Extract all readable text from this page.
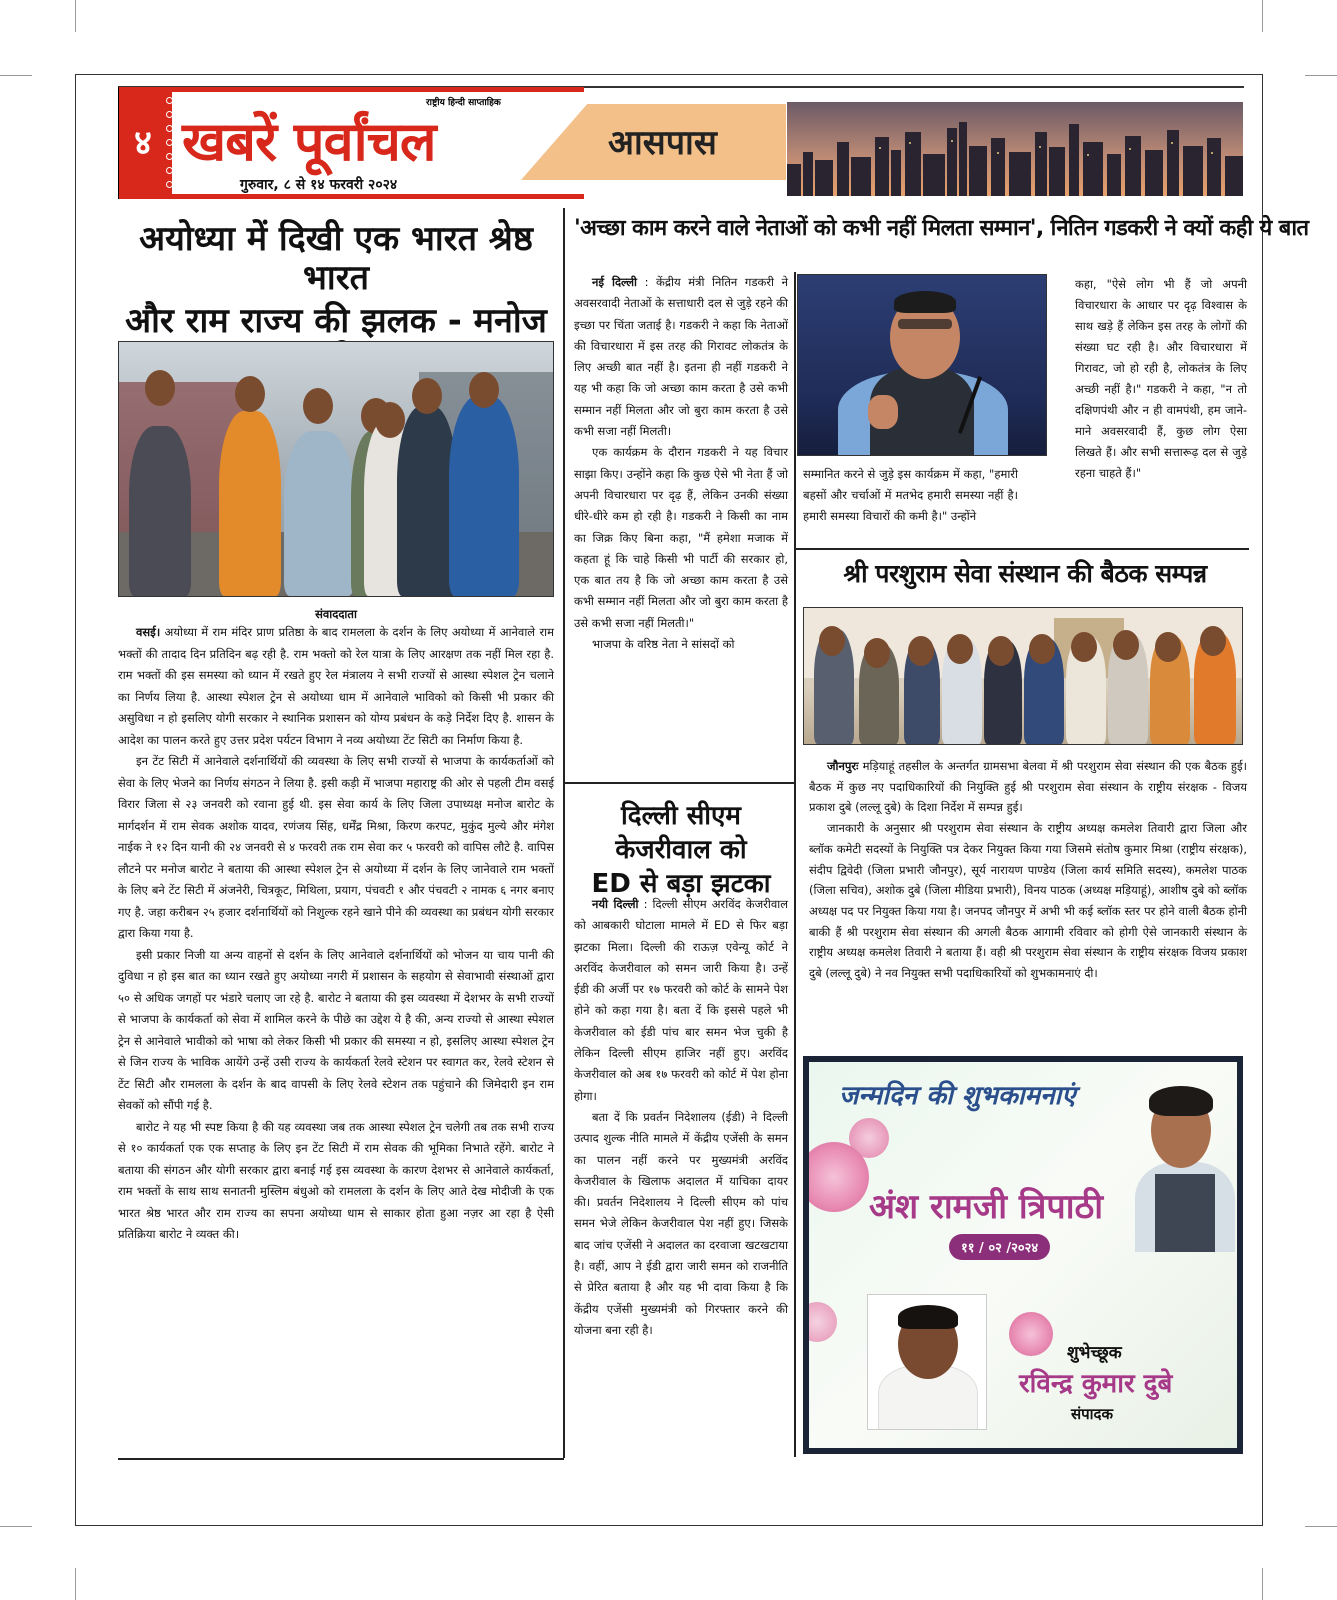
४ खबरें पूर्वांचल
राष्ट्रीय हिन्दी साप्ताहिक
गुरुवार, ८ से १४ फरवरी २०२४
आसपास
अयोध्या में दिखी एक भारत श्रेष्ठ भारत
और राम राज्य की झलक - मनोज
संवाददाता

वसई। अयोध्या में राम मंदिर प्राण प्रतिष्ठा के बाद रामलला के दर्शन के लिए अयोध्या में आनेवाले राम भक्तों की तादाद दिन प्रतिदिन बढ़ रही है. राम भक्तो को रेल यात्रा के लिए आरक्षण तक नहीं मिल रहा है. राम भक्तों की इस समस्या को ध्यान में रखते हुए रेल मंत्रालय ने सभी राज्यों से आस्था स्पेशल ट्रेन चलाने का निर्णय लिया है. आस्था स्पेशल ट्रेन से अयोध्या धाम में आनेवाले भाविको को किसी भी प्रकार की असुविधा न हो इसलिए योगी सरकार ने स्थानिक प्रशासन को योग्य प्रबंधन के कड़े निर्देश दिए है. शासन के आदेश का पालन करते हुए उत्तर प्रदेश पर्यटन विभाग ने नव्य अयोध्या टेंट सिटी का निर्माण किया है.

इन टेंट सिटी में आनेवाले दर्शनार्थियों की व्यवस्था के लिए सभी राज्यों से भाजपा के कार्यकर्ताओं को सेवा के लिए भेजने का निर्णय संगठन ने लिया है. इसी कड़ी में भाजपा महाराष्ट्र की ओर से पहली टीम वसई विरार जिला से २३ जनवरी को रवाना हुई थी. इस सेवा कार्य के लिए जिला उपाध्यक्ष मनोज बारोट के मार्गदर्शन में राम सेवक अशोक यादव, रणंजय सिंह, धर्मेंद्र मिश्रा, किरण करपट, मुकुंद मुल्ये और मंगेश नाईक ने १२ दिन यानी की २४ जनवरी से ४ फरवरी तक राम सेवा कर ५ फरवरी को वापिस लौटे है. वापिस लौटने पर मनोज बारोट ने बताया की आस्था स्पेशल ट्रेन से अयोध्या में दर्शन के लिए जानेवाले राम भक्तों के लिए बने टेंट सिटी में अंजनेरी, चित्रकूट, मिथिला, प्रयाग, पंचवटी १ और पंचवटी २ नामक ६ नगर बनाए गए है. जहा करीबन २५ हजार दर्शनार्थियों को निशुल्क रहने खाने पीने की व्यवस्था का प्रबंधन योगी सरकार द्वारा किया गया है.

इसी प्रकार निजी या अन्य वाहनों से दर्शन के लिए आनेवाले दर्शनार्थियों को भोजन या चाय पानी की दुविधा न हो इस बात का ध्यान रखते हुए अयोध्या नगरी में प्रशासन के सहयोग से सेवाभावी संस्थाओं द्वारा ५० से अधिक जगहों पर भंडारे चलाए जा रहे है. बारोट ने बताया की इस व्यवस्था में देशभर के सभी राज्यों से भाजपा के कार्यकर्ता को सेवा में शामिल करने के पीछे का उद्देश ये है की, अन्य राज्यो से आस्था स्पेशल ट्रेन से आनेवाले भावीको को भाषा को लेकर किसी भी प्रकार की समस्या न हो, इसलिए आस्था स्पेशल ट्रेन से जिन राज्य के भाविक आयेंगे उन्हें उसी राज्य के कार्यकर्ता रेलवे स्टेशन पर स्वागत कर, रेलवे स्टेशन से टेंट सिटी और रामलला के दर्शन के बाद वापसी के लिए रेलवे स्टेशन तक पहुंचाने की जिमेदारी इन राम सेवकों को सौंपी गई है.

बारोट ने यह भी स्पष्ट किया है की यह व्यवस्था जब तक आस्था स्पेशल ट्रेन चलेगी तब तक सभी राज्य से १० कार्यकर्ता एक एक सप्ताह के लिए इन टेंट सिटी में राम सेवक की भूमिका निभाते रहेंगे. बारोट ने बताया की संगठन और योगी सरकार द्वारा बनाई गई इस व्यवस्था के कारण देशभर से आनेवाले कार्यकर्ता, राम भक्तों के साथ साथ सनातनी मुस्लिम बंधुओ को रामलला के दर्शन के लिए आते देख मोदीजी के एक भारत श्रेष्ठ भारत और राम राज्य का सपना अयोध्या धाम से साकार होता हुआ नज़र आ रहा है ऐसी प्रतिक्रिया बारोट ने व्यक्त की।

'अच्छा काम करने वाले नेताओं को कभी नहीं मिलता सम्मान', नितिन गडकरी ने क्यों कही ये बात

नई दिल्ली : केंद्रीय मंत्री नितिन गडकरी ने अवसरवादी नेताओं के सत्ताधारी दल से जुड़े रहने की इच्छा पर चिंता जताई है। गडकरी ने कहा कि नेताओं की विचारधारा में इस तरह की गिरावट लोकतंत्र के लिए अच्छी बात नहीं है। इतना ही नहीं गडकरी ने यह भी कहा कि जो अच्छा काम करता है उसे कभी सम्मान नहीं मिलता और जो बुरा काम करता है उसे कभी सजा नहीं मिलती।

एक कार्यक्रम के दौरान गडकरी ने यह विचार साझा किए। उन्होंने कहा कि कुछ ऐसे भी नेता हैं जो अपनी विचारधारा पर दृढ़ हैं, लेकिन उनकी संख्या धीरे-धीरे कम हो रही है। गडकरी ने किसी का नाम का जिक्र किए बिना कहा, "मैं हमेशा मजाक में कहता हूं कि चाहे किसी भी पार्टी की सरकार हो, एक बात तय है कि जो अच्छा काम करता है उसे कभी सम्मान नहीं मिलता और जो बुरा काम करता है उसे कभी सजा नहीं मिलती।"

भाजपा के वरिष्ठ नेता ने सांसदों को

सम्मानित करने से जुड़े इस कार्यक्रम में कहा, "हमारी बहसों और चर्चाओं में मतभेद हमारी समस्या नहीं है। हमारी समस्या विचारों की कमी है।" उन्होंने

कहा, "ऐसे लोग भी हैं जो अपनी विचारधारा के आधार पर दृढ़ विश्वास के साथ खड़े हैं लेकिन इस तरह के लोगों की संख्या घट रही है। और विचारधारा में गिरावट, जो हो रही है, लोकतंत्र के लिए अच्छी नहीं है।" गडकरी ने कहा, "न तो दक्षिणपंथी और न ही वामपंथी, हम जाने-माने अवसरवादी हैं, कुछ लोग ऐसा लिखते हैं। और सभी सत्तारूढ़ दल से जुड़े रहना चाहते हैं।"

दिल्ली सीएम केजरीवाल को
ED से बड़ा झटका

नयी दिल्ली : दिल्ली सीएम अरविंद केजरीवाल को आबकारी घोटाला मामले में ED से फिर बड़ा झटका मिला। दिल्ली की राऊज़ एवेन्यू कोर्ट ने अरविंद केजरीवाल को समन जारी किया है। उन्हें ईडी की अर्जी पर १७ फरवरी को कोर्ट के सामने पेश होने को कहा गया है। बता दें कि इससे पहले भी केजरीवाल को ईडी पांच बार समन भेज चुकी है लेकिन दिल्ली सीएम हाजिर नहीं हुए। अरविंद केजरीवाल को अब १७ फरवरी को कोर्ट में पेश होना होगा।

बता दें कि प्रवर्तन निदेशालय (ईडी) ने दिल्ली उत्पाद शुल्क नीति मामले में केंद्रीय एजेंसी के समन का पालन नहीं करने पर मुख्यमंत्री अरविंद केजरीवाल के खिलाफ अदालत में याचिका दायर की। प्रवर्तन निदेशालय ने दिल्ली सीएम को पांच समन भेजे लेकिन केजरीवाल पेश नहीं हुए। जिसके बाद जांच एजेंसी ने अदालत का दरवाजा खटखटाया है। वहीं, आप ने ईडी द्वारा जारी समन को राजनीति से प्रेरित बताया है और यह भी दावा किया है कि केंद्रीय एजेंसी मुख्यमंत्री को गिरफ्तार करने की योजना बना रही है।

श्री परशुराम सेवा संस्थान की बैठक सम्पन्न

जौनपुरः मड़ियाहूं तहसील के अन्तर्गत ग्रामसभा बेलवा में श्री परशुराम सेवा संस्थान की एक बैठक हुई। बैठक में कुछ नए पदाधिकारियों की नियुक्ति हुई श्री परशुराम सेवा संस्थान के राष्ट्रीय संरक्षक - विजय प्रकाश दुबे (लल्लू दुबे) के दिशा निर्देश में सम्पन्न हुई।

जानकारी के अनुसार श्री परशुराम सेवा संस्थान के राष्ट्रीय अध्यक्ष कमलेश तिवारी द्वारा जिला और ब्लॉक कमेटी सदस्यों के नियुक्ति पत्र देकर नियुक्त किया गया जिसमे संतोष कुमार मिश्रा (राष्ट्रीय संरक्षक), संदीप द्विवेदी (जिला प्रभारी जौनपुर), सूर्य नारायण पाण्डेय (जिला कार्य समिति सदस्य), कमलेश पाठक (जिला सचिव), अशोक दुबे (जिला मीडिया प्रभारी), विनय पाठक (अध्यक्ष मड़ियाहूं), आशीष दुबे को ब्लॉक अध्यक्ष पद पर नियुक्त किया गया है। जनपद जौनपुर में अभी भी कई ब्लॉक स्तर पर होने वाली बैठक होनी बाकी हैं श्री परशुराम सेवा संस्थान की अगली बैठक आगामी रविवार को होगी ऐसे जानकारी संस्थान के राष्ट्रीय अध्यक्ष कमलेश तिवारी ने बताया हैं। वही श्री परशुराम सेवा संस्थान के राष्ट्रीय संरक्षक विजय प्रकाश दुबे (लल्लू दुबे) ने नव नियुक्त सभी पदाधिकारियों को शुभकामनाएं दी।

जन्मदिन की शुभकामनाएं
अंश रामजी त्रिपाठी
११ / ०२ /२०२४
शुभेच्छूक
रविन्द्र कुमार दुबे
संपादक
